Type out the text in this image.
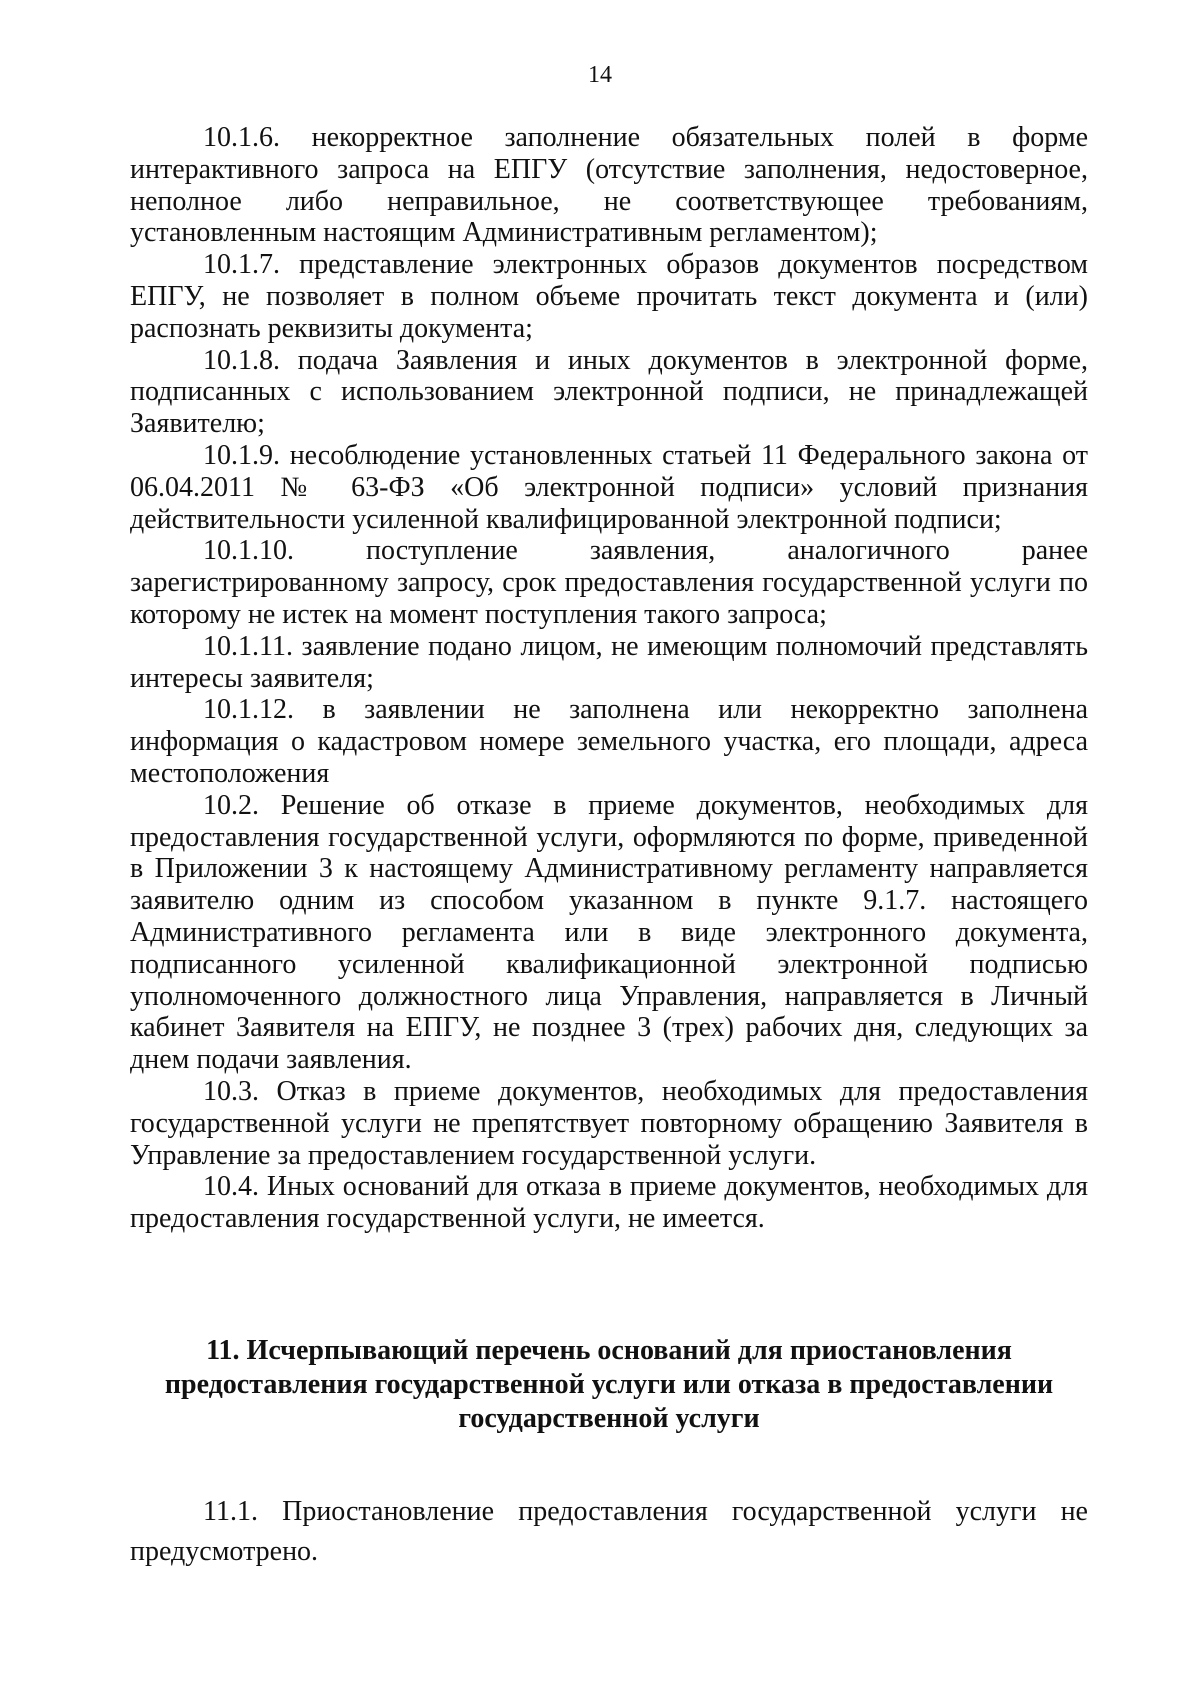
14

10.1.6. некорректное заполнение обязательных полей в форме интерактивного запроса на ЕПГУ (отсутствие заполнения, недостоверное, неполное либо неправильное, не соответствующее требованиям, установленным настоящим Административным регламентом);

10.1.7. представление электронных образов документов посредством ЕПГУ, не позволяет в полном объеме прочитать текст документа и (или) распознать реквизиты документа;

10.1.8. подача Заявления и иных документов в электронной форме, подписанных с использованием электронной подписи, не принадлежащей Заявителю;

10.1.9. несоблюдение установленных статьей 11 Федерального закона от 06.04.2011 № 63-ФЗ «Об электронной подписи» условий признания действительности усиленной квалифицированной электронной подписи;

10.1.10. поступление заявления, аналогичного ранее зарегистрированному запросу, срок предоставления государственной услуги по которому не истек на момент поступления такого запроса;

10.1.11. заявление подано лицом, не имеющим полномочий представлять интересы заявителя;

10.1.12. в заявлении не заполнена или некорректно заполнена информация о кадастровом номере земельного участка, его площади, адреса местоположения

10.2. Решение об отказе в приеме документов, необходимых для предоставления государственной услуги, оформляются по форме, приведенной в Приложении 3 к настоящему Административному регламенту направляется заявителю одним из способом указанном в пункте 9.1.7. настоящего Административного регламента или в виде электронного документа, подписанного усиленной квалификационной электронной подписью уполномоченного должностного лица Управления, направляется в Личный кабинет Заявителя на ЕПГУ, не позднее 3 (трех) рабочих дня, следующих за днем подачи заявления.

10.3. Отказ в приеме документов, необходимых для предоставления государственной услуги не препятствует повторному обращению Заявителя в Управление за предоставлением государственной услуги.

10.4. Иных оснований для отказа в приеме документов, необходимых для предоставления государственной услуги, не имеется.

11. Исчерпывающий перечень оснований для приостановления

предоставления государственной услуги или отказа в предоставлении

государственной услуги

11.1. Приостановление предоставления государственной услуги не предусмотрено.
